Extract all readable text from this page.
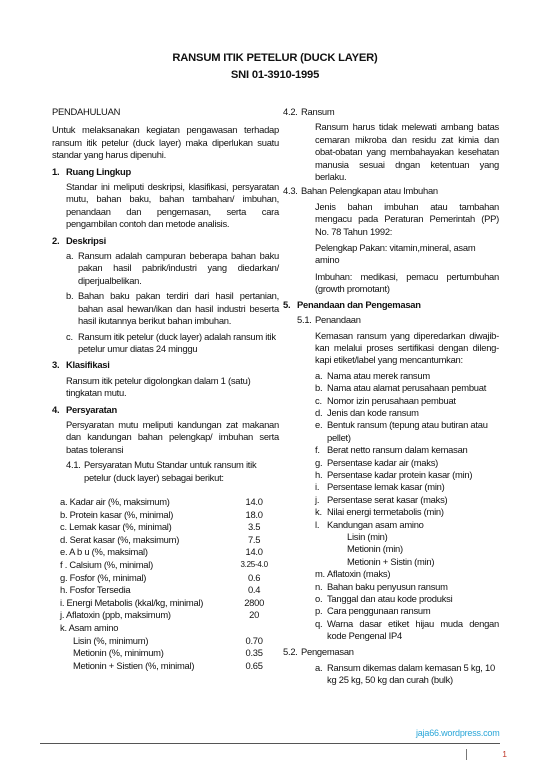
RANSUM ITIK PETELUR (DUCK LAYER)
SNI 01-3910-1995

PENDAHULUAN

Untuk melaksanakan kegiatan pengawasan terhadap ransum itik petelur (duck layer) maka diperlukan suatu standar yang harus dipenuhi.

1. Ruang Lingkup

Standar ini meliputi deskripsi, klasifikasi, persyaratan mutu, bahan baku, bahan tambahan/ imbuhan, penandaan dan pengemasan, serta cara pengambilan contoh dan metode analisis.

2. Deskripsi

a. Ransum adalah campuran beberapa bahan baku pakan hasil pabrik/industri yang diedarkan/ diperjualbelikan.

b. Bahan baku pakan terdiri dari hasil pertanian, bahan asal hewan/ikan dan hasil industri beserta hasil ikutannya berikut bahan imbuhan.

c. Ransum itik petelur (duck layer) adalah ransum itik petelur umur diatas 24 minggu

3. Klasifikasi

Ransum itik petelur digolongkan dalam 1 (satu) tingkatan mutu.

4. Persyaratan

Persyaratan mutu meliputi kandungan zat makanan dan kandungan bahan pelengkap/ imbuhan serta batas toleransi

4.1. Persyaratan Mutu Standar untuk ransum itik petelur (duck layer) sebagai berikut:

a. Kadar air (%, maksimum)	14.0
b. Protein kasar (%, minimal)	18.0
c. Lemak kasar (%, minimal)	3.5
d. Serat kasar (%, maksimum)	7.5
e. A b u (%, maksimal)	14.0
f . Calsium (%, minimal)	3.25-4.0
g. Fosfor (%, minimal)	0.6
h. Fosfor Tersedia	0.4
i. Energi Metabolis (kkal/kg, minimal)	2800
j. Aflatoxin (ppb, maksimum)	20
k. Asam amino
Lisin (%, minimum)	0.70
Metionin (%, minimum)	0.35
Metionin + Sistien (%, minimal)	0.65

4.2. Ransum

Ransum harus tidak melewati ambang batas cemaran mikroba dan residu zat kimia dan obat-obatan yang membahayakan kesehatan manusia sesuai dngan ketentuan yang berlaku.

4.3. Bahan Pelengkapan atau Imbuhan

Jenis bahan imbuhan atau tambahan mengacu pada Peraturan Pemerintah (PP) No. 78 Tahun 1992:

Pelengkap Pakan: vitamin,mineral, asam amino

Imbuhan: medikasi, pemacu pertumbuhan (growth promotant)

5. Penandaan dan Pengemasan

5.1. Penandaan

Kemasan ransum yang diperedarkan diwajib-kan melalui proses sertifikasi dengan dileng-kapi etiket/label yang mencantumkan:

a. Nama atau merek ransum

b. Nama atau alamat perusahaan pembuat

c. Nomor izin perusahaan pembuat

d. Jenis dan kode ransum

e. Bentuk ransum (tepung atau butiran atau pellet)

f. Berat netto ransum dalam kemasan

g. Persentase kadar air (maks)

h. Persentase kadar protein kasar (min)

i. Persentase lemak kasar (min)

j. Persentase serat kasar (maks)

k. Nilai energi termetabolis (min)

l. Kandungan asam amino

Lisin (min)

Metionin (min)

Metionin + Sistin (min)

m. Aflatoxin (maks)

n. Bahan baku penyusun ransum

o. Tanggal dan atau kode produksi

p. Cara penggunaan ransum

q. Warna dasar etiket hijau muda dengan kode Pengenal IP4

5.2. Pengemasan

a. Ransum dikemas dalam kemasan 5 kg, 10 kg 25 kg, 50 kg dan curah (bulk)

jaja66.wordpress.com
1
